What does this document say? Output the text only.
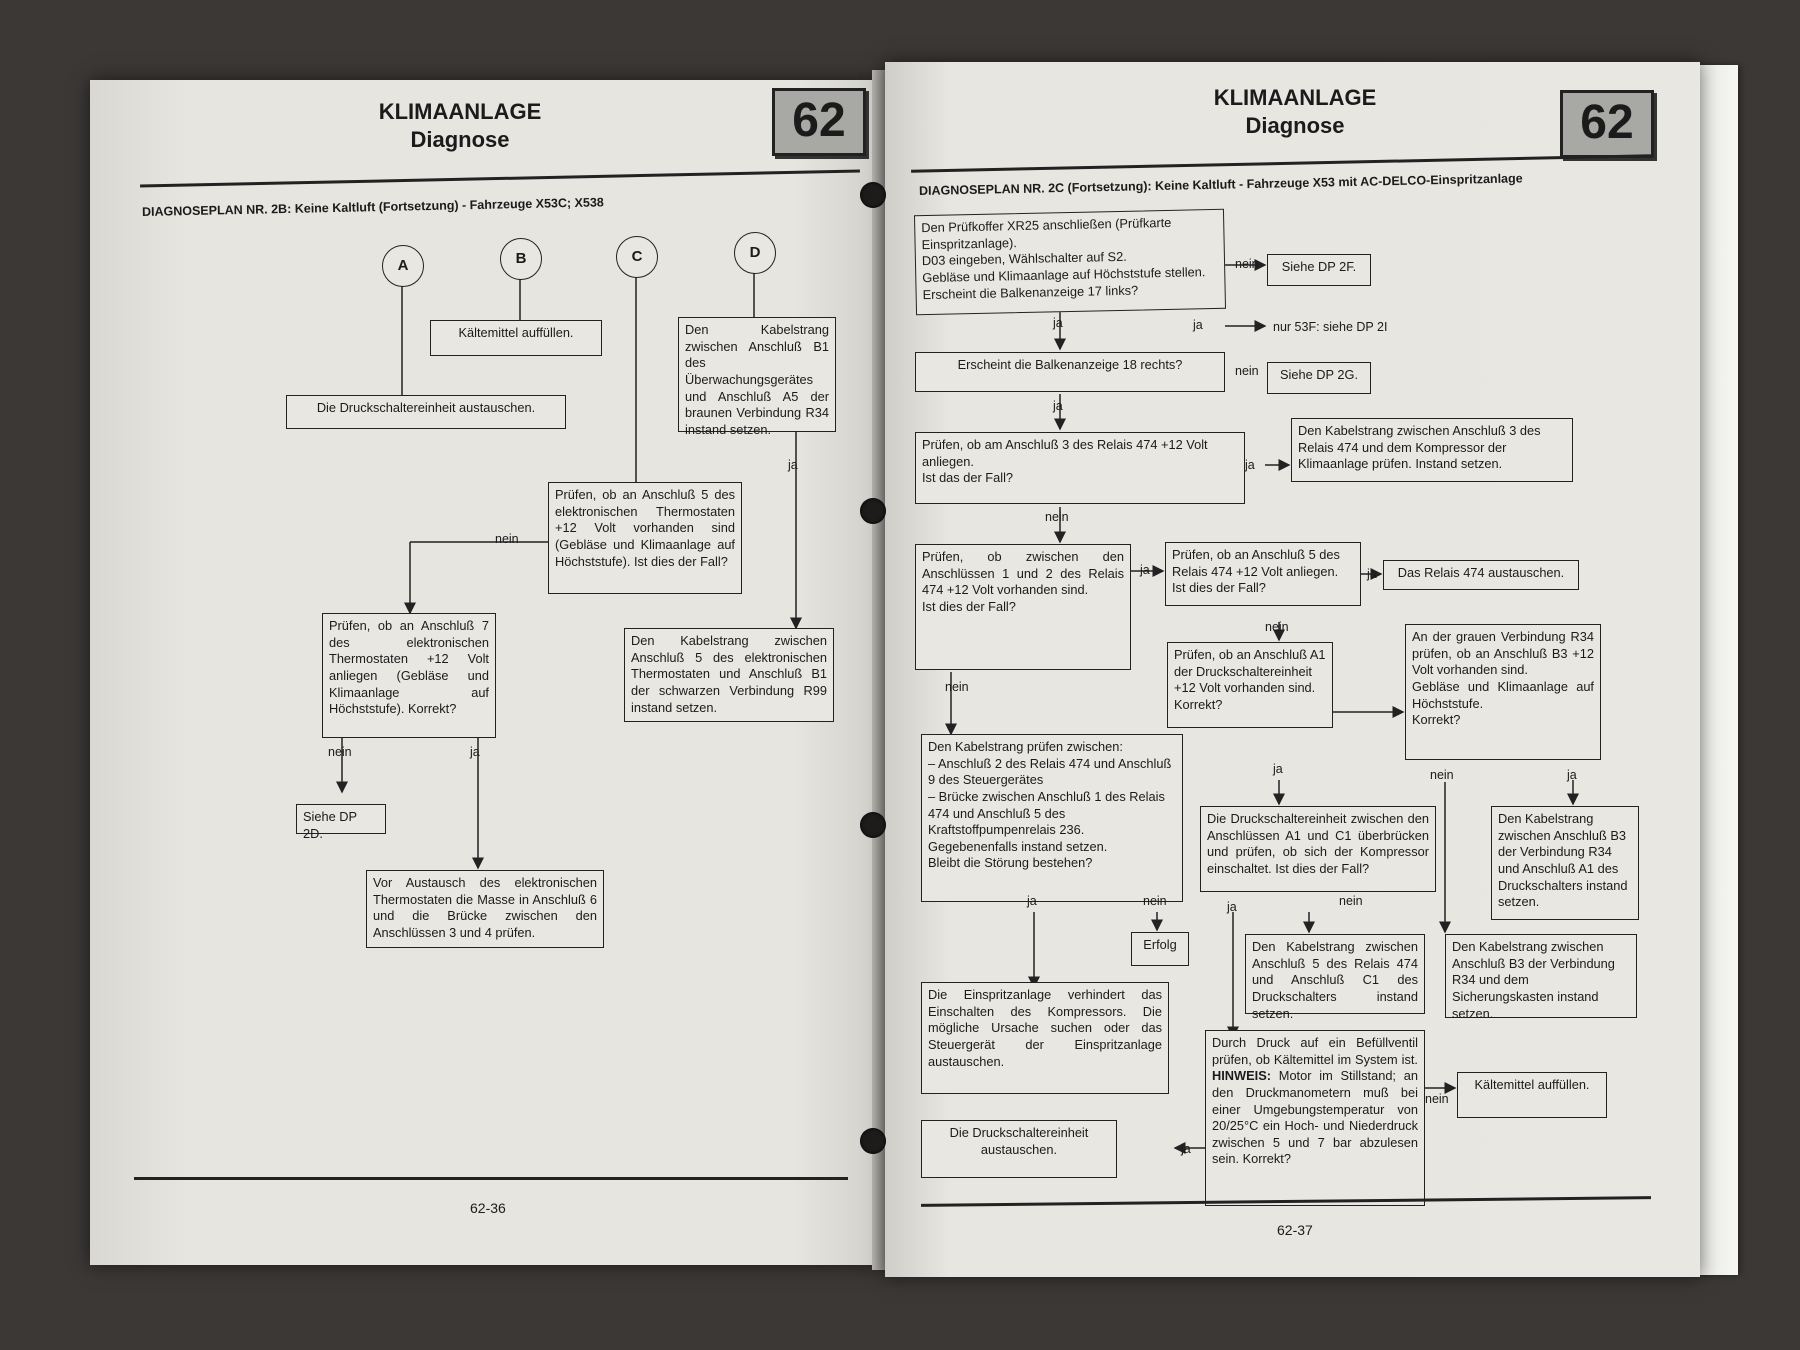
KLIMAANLAGE
Diagnose	62
DIAGNOSEPLAN NR. 2B: Keine Kaltluft (Fortsetzung) - Fahrzeuge X53C; X538
A	B	C	D
Kältemittel auffüllen.
Die Druckschaltereinheit austauschen.
Den Kabelstrang zwischen Anschluß B1 des Überwachungsgerätes und Anschluß A5 der braunen Verbindung R34 instand setzen.
Prüfen, ob an Anschluß 5 des elektronischen Thermostaten +12 Volt vorhanden sind (Gebläse und Klimaanlage auf Höchststufe). Ist dies der Fall?
nein
ja
Prüfen, ob an Anschluß 7 des elektronischen Thermostaten +12 Volt anliegen (Gebläse und Klimaanlage auf Höchststufe). Korrekt?
Den Kabelstrang zwischen Anschluß 5 des elektronischen Thermostaten und Anschluß B1 der schwarzen Verbindung R99 instand setzen.
nein	ja
Siehe DP 2D.
Vor Austausch des elektronischen Thermostaten die Masse in Anschluß 6 und die Brücke zwischen den Anschlüssen 3 und 4 prüfen.
62-36
KLIMAANLAGE
Diagnose	62
DIAGNOSEPLAN NR. 2C (Fortsetzung): Keine Kaltluft - Fahrzeuge X53 mit AC-DELCO-Einspritzanlage
Den Prüfkoffer XR25 anschließen (Prüfkarte Einspritzanlage).
D03 eingeben, Wählschalter auf S2.
Gebläse und Klimaanlage auf Höchststufe stellen.
Erscheint die Balkenanzeige 17 links?
nein	Siehe DP 2F.
ja	ja	nur 53F: siehe DP 2I
Erscheint die Balkenanzeige 18 rechts?	nein	Siehe DP 2G.
ja
Prüfen, ob am Anschluß 3 des Relais 474 +12 Volt anliegen.
Ist das der Fall?
ja
Den Kabelstrang zwischen Anschluß 3 des Relais 474 und dem Kompressor der Klimaanlage prüfen. Instand setzen.
nein
Prüfen, ob zwischen den Anschlüssen 1 und 2 des Relais 474 +12 Volt vorhanden sind.
Ist dies der Fall?
ja
Prüfen, ob an Anschluß 5 des Relais 474 +12 Volt anliegen. Ist dies der Fall?
ja	Das Relais 474 austauschen.
nein
nein
Prüfen, ob an Anschluß A1 der Druckschaltereinheit +12 Volt vorhanden sind. Korrekt?
An der grauen Verbindung R34 prüfen, ob an Anschluß B3 +12 Volt vorhanden sind.
Gebläse und Klimaanlage auf Höchststufe.
Korrekt?
ja	nein	ja
Den Kabelstrang prüfen zwischen:
– Anschluß 2 des Relais 474 und Anschluß 9 des Steuergerätes
– Brücke zwischen Anschluß 1 des Relais 474 und Anschluß 5 des Kraftstoffpumpenrelais 236.
Gegebenenfalls instand setzen.
Bleibt die Störung bestehen?
Die Druckschaltereinheit zwischen den Anschlüssen A1 und C1 überbrücken und prüfen, ob sich der Kompressor einschaltet. Ist dies der Fall?
Den Kabelstrang zwischen Anschluß B3 der Verbindung R34 und Anschluß A1 des Druckschalters instand setzen.
ja	nein	ja	nein
Erfolg	Den Kabelstrang zwischen Anschluß 5 des Relais 474 und Anschluß C1 des Druckschalters instand setzen.
Den Kabelstrang zwischen Anschluß B3 der Verbindung R34 und dem Sicherungskasten instand setzen.
Die Einspritzanlage verhindert das Einschalten des Kompressors. Die mögliche Ursache suchen oder das Steuergerät der Einspritzanlage austauschen.
Durch Druck auf ein Befüllventil prüfen, ob Kältemittel im System ist. HINWEIS: Motor im Stillstand; an den Druckmanometern muß bei einer Umgebungstemperatur von 20/25°C ein Hoch- und Niederdruck zwischen 5 und 7 bar abzulesen sein. Korrekt?
nein
Kältemittel auffüllen.
ja
Die Druckschaltereinheit austauschen.
62-37
